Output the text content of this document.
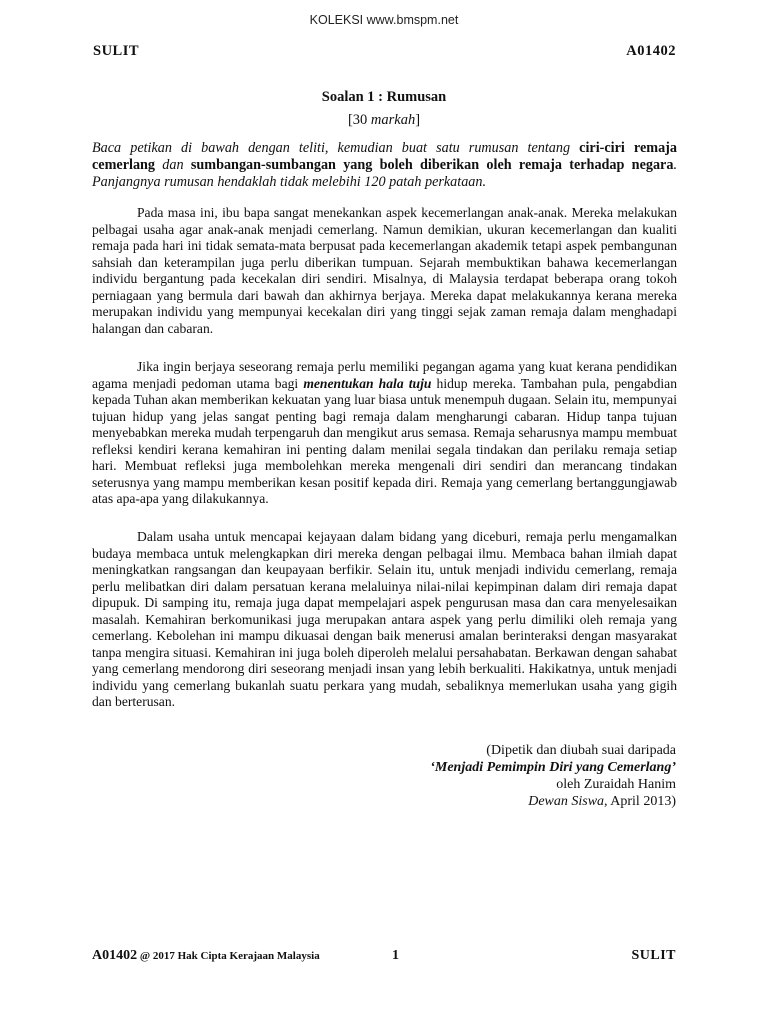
KOLEKSI www.bmspm.net
SULIT	A01402
Soalan 1 : Rumusan
[30 markah]
Baca petikan di bawah dengan teliti, kemudian buat satu rumusan tentang ciri-ciri remaja cemerlang dan sumbangan-sumbangan yang boleh diberikan oleh remaja terhadap negara. Panjangnya rumusan hendaklah tidak melebihi 120 patah perkataan.

Pada masa ini, ibu bapa sangat menekankan aspek kecemerlangan anak-anak. Mereka melakukan pelbagai usaha agar anak-anak menjadi cemerlang. Namun demikian, ukuran kecemerlangan dan kualiti remaja pada hari ini tidak semata-mata berpusat pada kecemerlangan akademik tetapi aspek pembangunan sahsiah dan keterampilan juga perlu diberikan tumpuan. Sejarah membuktikan bahawa kecemerlangan individu bergantung pada kecekalan diri sendiri. Misalnya, di Malaysia terdapat beberapa orang tokoh perniagaan yang bermula dari bawah dan akhirnya berjaya. Mereka dapat melakukannya kerana mereka merupakan individu yang mempunyai kecekalan diri yang tinggi sejak zaman remaja dalam menghadapi halangan dan cabaran.

Jika ingin berjaya seseorang remaja perlu memiliki pegangan agama yang kuat kerana pendidikan agama menjadi pedoman utama bagi menentukan hala tuju hidup mereka. Tambahan pula, pengabdian kepada Tuhan akan memberikan kekuatan yang luar biasa untuk menempuh dugaan. Selain itu, mempunyai tujuan hidup yang jelas sangat penting bagi remaja dalam mengharungi cabaran. Hidup tanpa tujuan menyebabkan mereka mudah terpengaruh dan mengikut arus semasa. Remaja seharusnya mampu membuat refleksi kendiri kerana kemahiran ini penting dalam menilai segala tindakan dan perilaku remaja setiap hari. Membuat refleksi juga membolehkan mereka mengenali diri sendiri dan merancang tindakan seterusnya yang mampu memberikan kesan positif kepada diri. Remaja yang cemerlang bertanggungjawab atas apa-apa yang dilakukannya.

Dalam usaha untuk mencapai kejayaan dalam bidang yang diceburi, remaja perlu mengamalkan budaya membaca untuk melengkapkan diri mereka dengan pelbagai ilmu. Membaca bahan ilmiah dapat meningkatkan rangsangan dan keupayaan berfikir. Selain itu, untuk menjadi individu cemerlang, remaja perlu melibatkan diri dalam persatuan kerana melaluinya nilai-nilai kepimpinan dalam diri remaja dapat dipupuk. Di samping itu, remaja juga dapat mempelajari aspek pengurusan masa dan cara menyelesaikan masalah. Kemahiran berkomunikasi juga merupakan antara aspek yang perlu dimiliki oleh remaja yang cemerlang. Kebolehan ini mampu dikuasai dengan baik menerusi amalan berinteraksi dengan masyarakat tanpa mengira situasi. Kemahiran ini juga boleh diperoleh melalui persahabatan. Berkawan dengan sahabat yang cemerlang mendorong diri seseorang menjadi insan yang lebih berkualiti. Hakikatnya, untuk menjadi individu yang cemerlang bukanlah suatu perkara yang mudah, sebaliknya memerlukan usaha yang gigih dan berterusan.

(Dipetik dan diubah suai daripada
‘Menjadi Pemimpin Diri yang Cemerlang’
oleh Zuraidah Hanim
Dewan Siswa, April 2013)
A01402 @ 2017 Hak Cipta Kerajaan Malaysia	1	SULIT
